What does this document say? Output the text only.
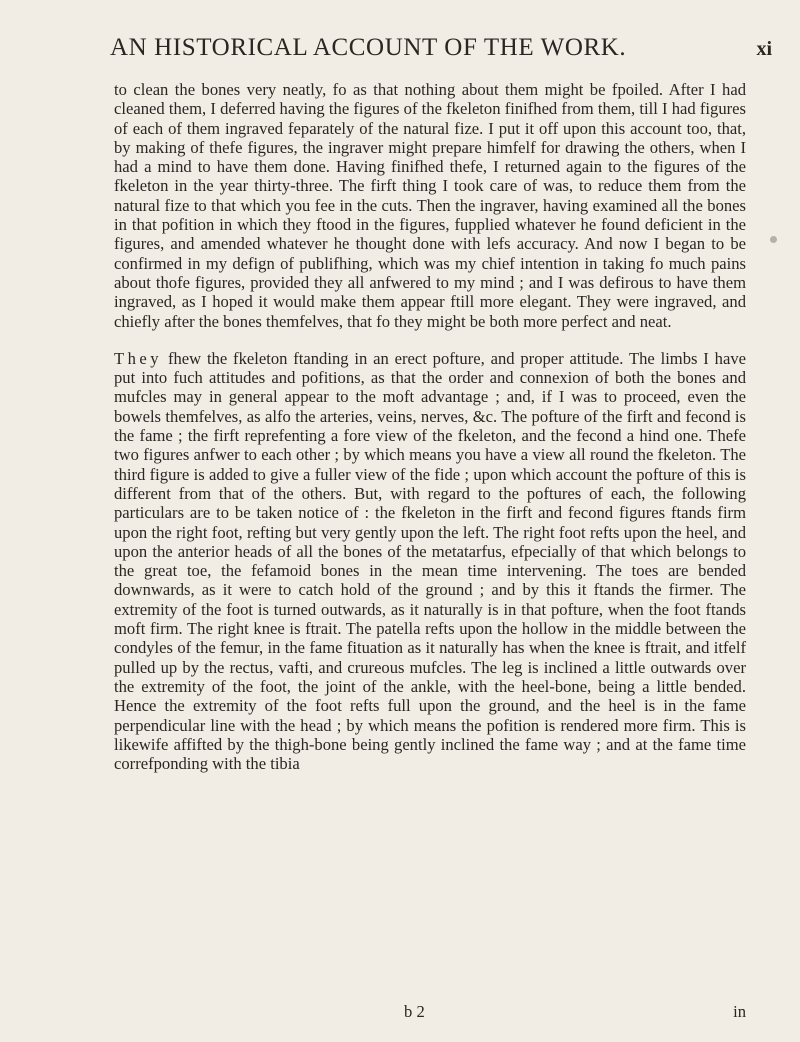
AN HISTORICAL ACCOUNT OF THE WORK.	xi

to clean the bones very neatly, fo as that nothing about them might be fpoiled. After I had cleaned them, I deferred having the figures of the fkeleton finifhed from them, till I had figures of each of them ingraved feparately of the natural fize. I put it off upon this account too, that, by making of thefe figures, the ingraver might prepare himfelf for drawing the others, when I had a mind to have them done. Having finifhed thefe, I returned again to the figures of the fkeleton in the year thirty-three. The firft thing I took care of was, to reduce them from the natural fize to that which you fee in the cuts. Then the ingraver, having examined all the bones in that pofition in which they ftood in the figures, fupplied whatever he found deficient in the figures, and amended whatever he thought done with lefs accuracy. And now I began to be confirmed in my defign of publifhing, which was my chief intention in taking fo much pains about thofe figures, provided they all anfwered to my mind ; and I was defirous to have them ingraved, as I hoped it would make them appear ftill more elegant. They were ingraved, and chiefly after the bones themfelves, that fo they might be both more perfect and neat.

They fhew the fkeleton ftanding in an erect pofture, and proper attitude. The limbs I have put into fuch attitudes and pofitions, as that the order and connexion of both the bones and mufcles may in general appear to the moft advantage ; and, if I was to proceed, even the bowels themfelves, as alfo the arteries, veins, nerves, &c. The pofture of the firft and fecond is the fame ; the firft reprefenting a fore view of the fkeleton, and the fecond a hind one. Thefe two figures anfwer to each other ; by which means you have a view all round the fkeleton. The third figure is added to give a fuller view of the fide ; upon which account the pofture of this is different from that of the others. But, with regard to the poftures of each, the following particulars are to be taken notice of : the fkeleton in the firft and fecond figures ftands firm upon the right foot, refting but very gently upon the left. The right foot refts upon the heel, and upon the anterior heads of all the bones of the metatarfus, efpecially of that which belongs to the great toe, the fefamoid bones in the mean time intervening. The toes are bended downwards, as it were to catch hold of the ground ; and by this it ftands the firmer. The extremity of the foot is turned outwards, as it naturally is in that pofture, when the foot ftands moft firm. The right knee is ftrait. The patella refts upon the hollow in the middle between the condyles of the femur, in the fame fituation as it naturally has when the knee is ftrait, and itfelf pulled up by the rectus, vafti, and crureous mufcles. The leg is inclined a little outwards over the extremity of the foot, the joint of the ankle, with the heel-bone, being a little bended. Hence the extremity of the foot refts full upon the ground, and the heel is in the fame perpendicular line with the head ; by which means the pofition is rendered more firm. This is likewife affifted by the thigh-bone being gently inclined the fame way ; and at the fame time correfponding with the tibia

b 2	in
